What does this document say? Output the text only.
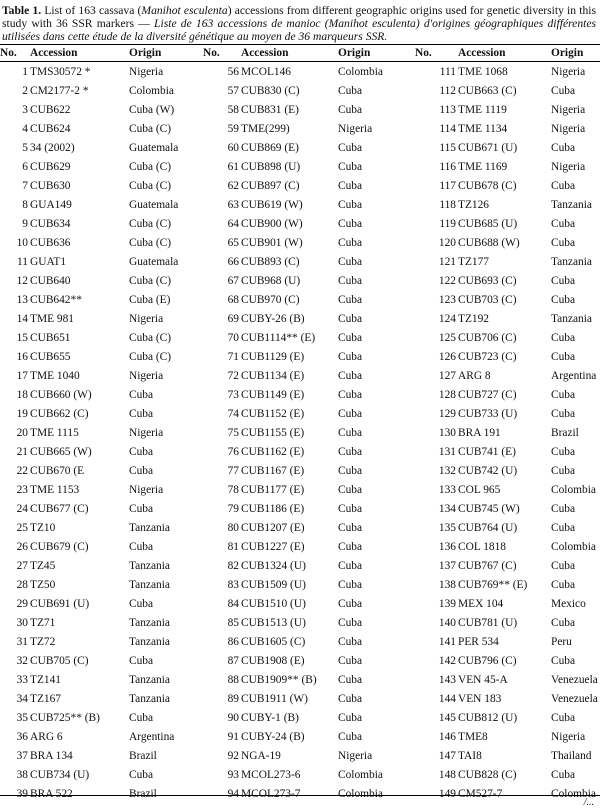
Table 1. List of 163 cassava (Manihot esculenta) accessions from different geographic origins used for genetic diversity in this study with 36 SSR markers — Liste de 163 accessions de manioc (Manihot esculenta) d'origines géographiques différentes utilisées dans cette étude de la diversité génétique au moyen de 36 marqueurs SSR.
No.	Accession	Origin	No.	Accession	Origin	No.	Accession	Origin
1	TMS30572 *	Nigeria	56	MCOL146	Colombia	111	TME 1068	Nigeria
2	CM2177-2 *	Colombia	57	CUB830 (C)	Cuba	112	CUB663 (C)	Cuba
3	CUB622	Cuba (W)	58	CUB831 (E)	Cuba	113	TME 1119	Nigeria
4	CUB624	Cuba (C)	59	TME(299)	Nigeria	114	TME 1134	Nigeria
5	34 (2002)	Guatemala	60	CUB869 (E)	Cuba	115	CUB671 (U)	Cuba
6	CUB629	Cuba (C)	61	CUB898 (U)	Cuba	116	TME 1169	Nigeria
7	CUB630	Cuba (C)	62	CUB897 (C)	Cuba	117	CUB678 (C)	Cuba
8	GUA149	Guatemala	63	CUB619 (W)	Cuba	118	TZ126	Tanzania
9	CUB634	Cuba (C)	64	CUB900 (W)	Cuba	119	CUB685 (U)	Cuba
10	CUB636	Cuba (C)	65	CUB901 (W)	Cuba	120	CUB688 (W)	Cuba
11	GUAT1	Guatemala	66	CUB893 (C)	Cuba	121	TZ177	Tanzania
12	CUB640	Cuba (C)	67	CUB968 (U)	Cuba	122	CUB693 (C)	Cuba
13	CUB642**	Cuba (E)	68	CUB970 (C)	Cuba	123	CUB703 (C)	Cuba
14	TME 981	Nigeria	69	CUBY-26 (B)	Cuba	124	TZ192	Tanzania
15	CUB651	Cuba (C)	70	CUB1114** (E)	Cuba	125	CUB706 (C)	Cuba
16	CUB655	Cuba (C)	71	CUB1129 (E)	Cuba	126	CUB723 (C)	Cuba
17	TME 1040	Nigeria	72	CUB1134 (E)	Cuba	127	ARG 8	Argentina
18	CUB660 (W)	Cuba	73	CUB1149 (E)	Cuba	128	CUB727 (C)	Cuba
19	CUB662 (C)	Cuba	74	CUB1152 (E)	Cuba	129	CUB733 (U)	Cuba
20	TME 1115	Nigeria	75	CUB1155 (E)	Cuba	130	BRA 191	Brazil
21	CUB665 (W)	Cuba	76	CUB1162 (E)	Cuba	131	CUB741 (E)	Cuba
22	CUB670 (E	Cuba	77	CUB1167 (E)	Cuba	132	CUB742 (U)	Cuba
23	TME 1153	Nigeria	78	CUB1177 (E)	Cuba	133	COL 965	Colombia
24	CUB677 (C)	Cuba	79	CUB1186 (E)	Cuba	134	CUB745 (W)	Cuba
25	TZ10	Tanzania	80	CUB1207 (E)	Cuba	135	CUB764 (U)	Cuba
26	CUB679 (C)	Cuba	81	CUB1227 (E)	Cuba	136	COL 1818	Colombia
27	TZ45	Tanzania	82	CUB1324 (U)	Cuba	137	CUB767 (C)	Cuba
28	TZ50	Tanzania	83	CUB1509 (U)	Cuba	138	CUB769** (E)	Cuba
29	CUB691 (U)	Cuba	84	CUB1510 (U)	Cuba	139	MEX 104	Mexico
30	TZ71	Tanzania	85	CUB1513 (U)	Cuba	140	CUB781 (U)	Cuba
31	TZ72	Tanzania	86	CUB1605 (C)	Cuba	141	PER 534	Peru
32	CUB705 (C)	Cuba	87	CUB1908 (E)	Cuba	142	CUB796 (C)	Cuba
33	TZ141	Tanzania	88	CUB1909** (B)	Cuba	143	VEN 45-A	Venezuela
34	TZ167	Tanzania	89	CUB1911 (W)	Cuba	144	VEN 183	Venezuela
35	CUB725** (B)	Cuba	90	CUBY-1 (B)	Cuba	145	CUB812 (U)	Cuba
36	ARG 6	Argentina	91	CUBY-24 (B)	Cuba	146	TME8	Nigeria
37	BRA 134	Brazil	92	NGA-19	Nigeria	147	TAI8	Thailand
38	CUB734 (U)	Cuba	93	MCOL273-6	Colombia	148	CUB828 (C)	Cuba
39	BRA 522	Brazil	94	MCOL273-7	Colombia	149	CM527-7	Colombia
/...
